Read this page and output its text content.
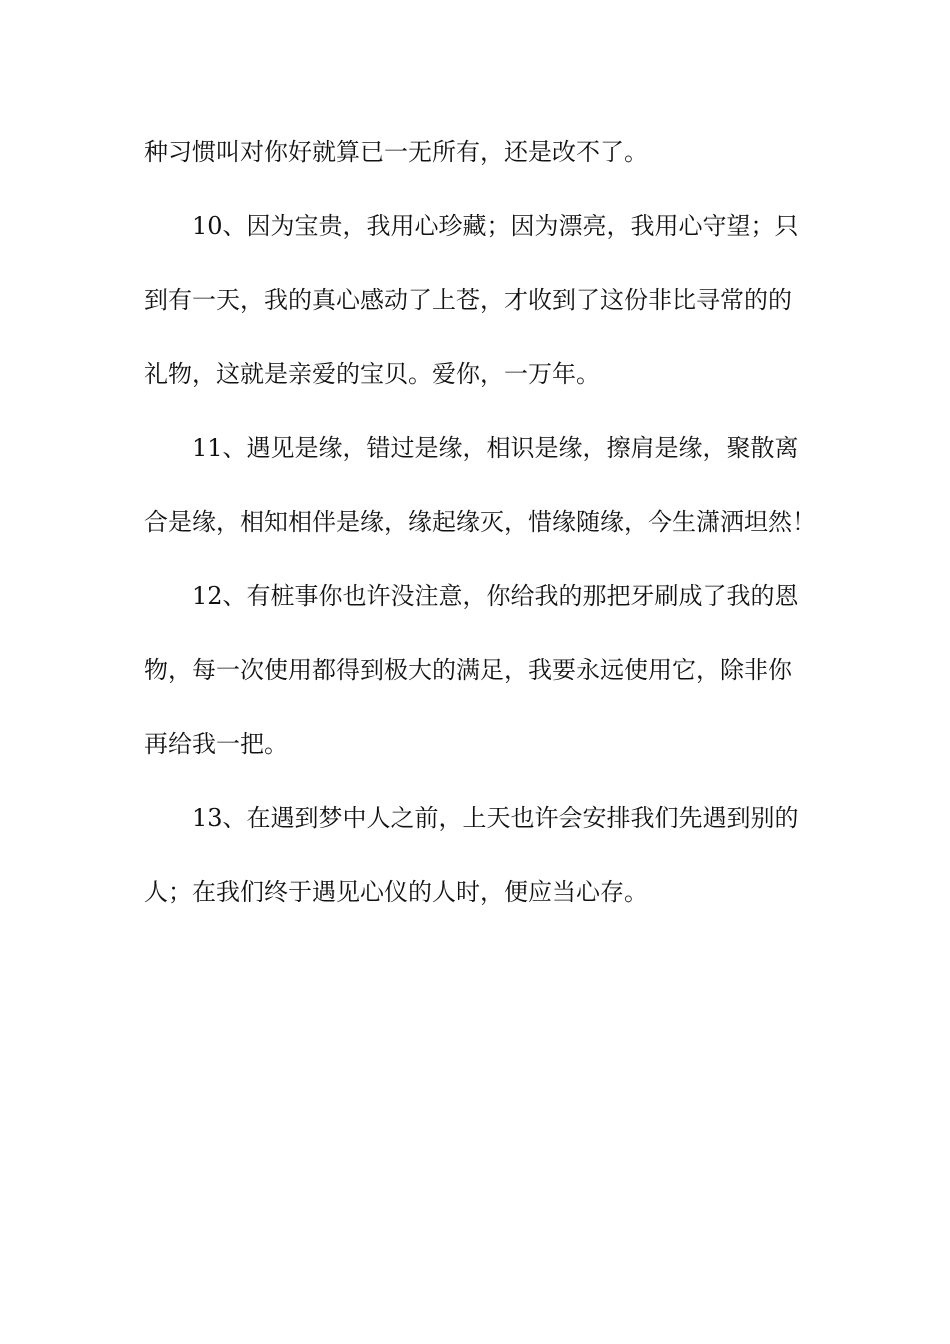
种习惯叫对你好就算已一无所有，还是改不了。
10、因为宝贵，我用心珍藏；因为漂亮，我用心守望；只
到有一天，我的真心感动了上苍，才收到了这份非比寻常的的
礼物，这就是亲爱的宝贝。爱你，一万年。
11、遇见是缘，错过是缘，相识是缘，擦肩是缘，聚散离
合是缘，相知相伴是缘，缘起缘灭，惜缘随缘，今生潇洒坦然！
12、有桩事你也许没注意，你给我的那把牙刷成了我的恩
物，每一次使用都得到极大的满足，我要永远使用它，除非你
再给我一把。
13、在遇到梦中人之前，上天也许会安排我们先遇到别的
人；在我们终于遇见心仪的人时，便应当心存。
